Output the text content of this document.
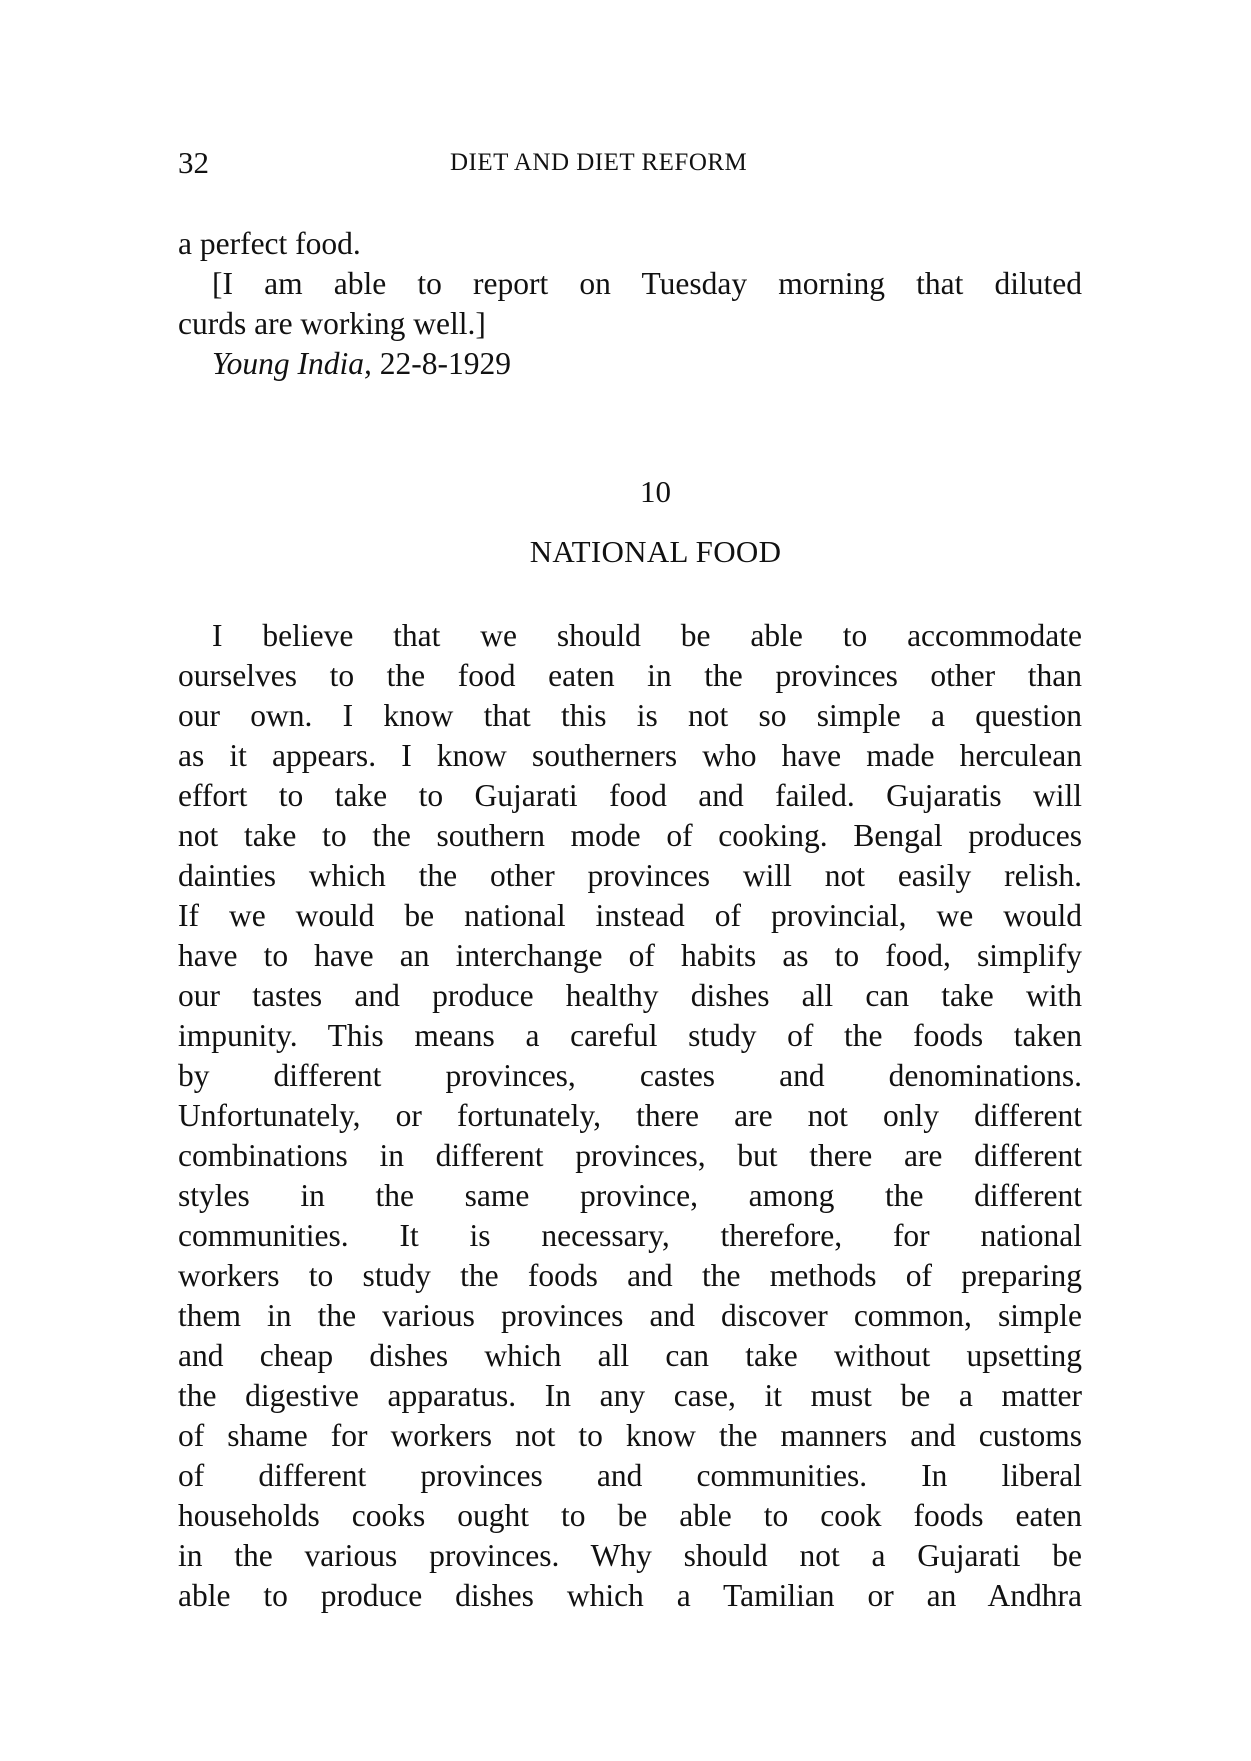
32	DIET AND DIET REFORM
a perfect food.
[I am able to report on Tuesday morning that diluted
curds are working well.]
Young India, 22-8-1929
10
NATIONAL FOOD
I believe that we should be able to accommodate
ourselves to the food eaten in the provinces other than
our own. I know that this is not so simple a question
as it appears. I know southerners who have made herculean
effort to take to Gujarati food and failed. Gujaratis will
not take to the southern mode of cooking. Bengal produces
dainties which the other provinces will not easily relish.
If we would be national instead of provincial, we would
have to have an interchange of habits as to food, simplify
our tastes and produce healthy dishes all can take with
impunity. This means a careful study of the foods taken
by different provinces, castes and denominations.
Unfortunately, or fortunately, there are not only different
combinations in different provinces, but there are different
styles in the same province, among the different
communities. It is necessary, therefore, for national
workers to study the foods and the methods of preparing
them in the various provinces and discover common, simple
and cheap dishes which all can take without upsetting
the digestive apparatus. In any case, it must be a matter
of shame for workers not to know the manners and customs
of different provinces and communities. In liberal
households cooks ought to be able to cook foods eaten
in the various provinces. Why should not a Gujarati be
able to produce dishes which a Tamilian or an Andhra
